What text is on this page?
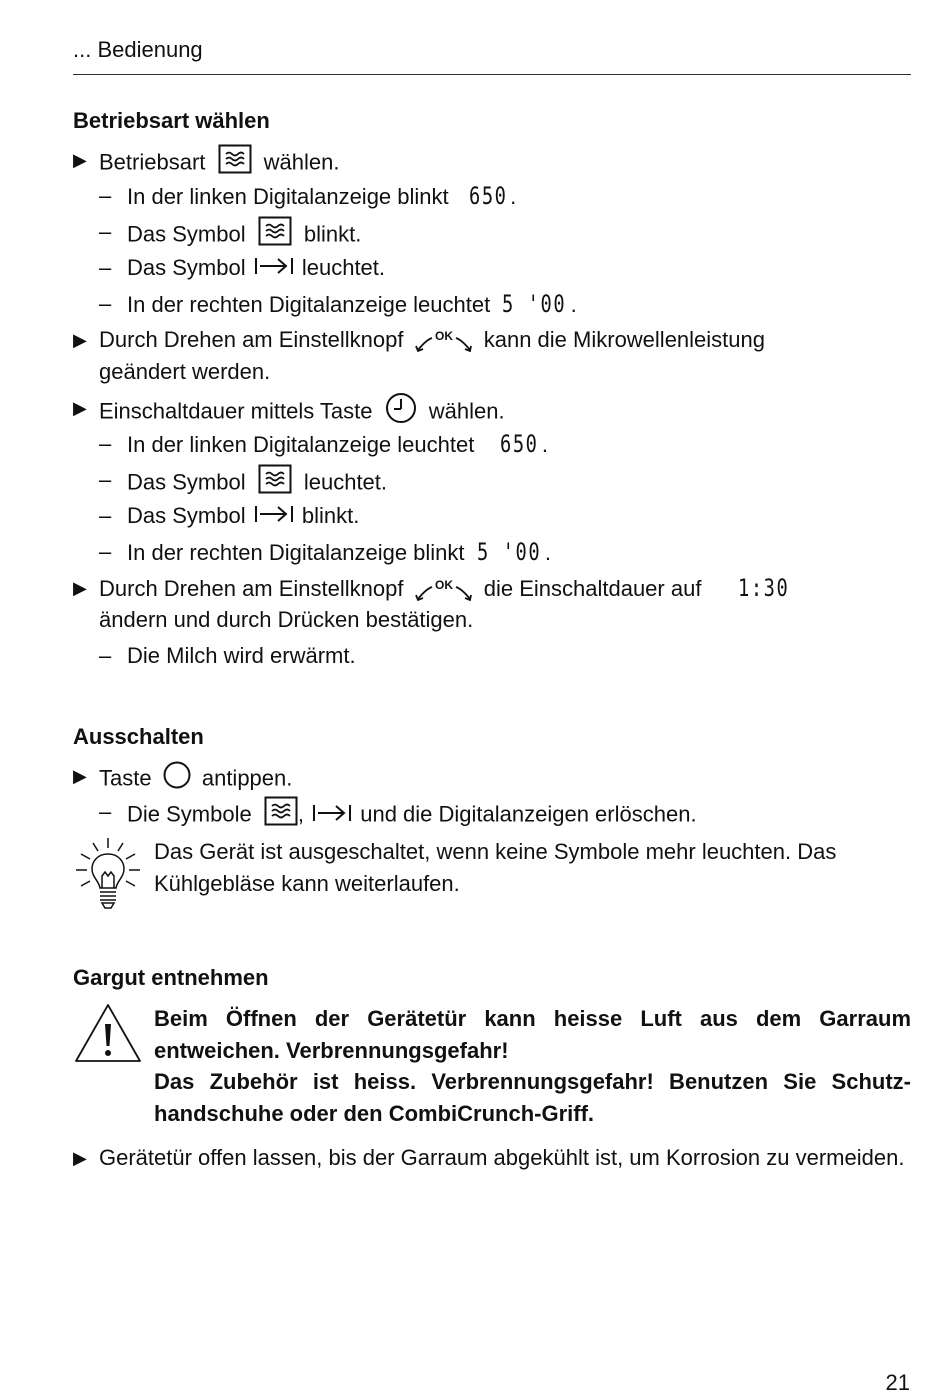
... Bedienung
Betriebsart wählen
▶ Betriebsart	wählen.
– In der linken Digitalanzeige blinkt 650 .
– Das Symbol	blinkt.
– Das Symbol	leuchtet.
– In der rechten Digitalanzeige leuchtet 5 '00 .
▶ Durch Drehen am Einstellknopf	OK kann die Mikrowellenleistung
geändert werden.
▶ Einschaltdauer mittels Taste	wählen.
– In der linken Digitalanzeige leuchtet 650 .
– Das Symbol	leuchtet.
– Das Symbol	blinkt.
– In der rechten Digitalanzeige blinkt 5 '00 .
▶ Durch Drehen am Einstellknopf	OK die Einschaltdauer auf 1:30
ändern und durch Drücken bestätigen.
– Die Milch wird erwärmt.
Ausschalten
▶ Taste antippen.
– Die Symbole ,	und die Digitalanzeigen erlöschen.
Das Gerät ist ausgeschaltet, wenn keine Symbole mehr leuchten. Das Kühlgebläse kann weiterlaufen.
Gargut entnehmen
Beim Öffnen der Gerätetür kann heisse Luft aus dem Garraum entweichen. Verbrennungsgefahr!
Das Zubehör ist heiss. Verbrennungsgefahr! Benutzen Sie Schutz-handschuhe oder den CombiCrunch-Griff.
▶ Gerätetür offen lassen, bis der Garraum abgekühlt ist, um Korrosion zu vermeiden.
21
